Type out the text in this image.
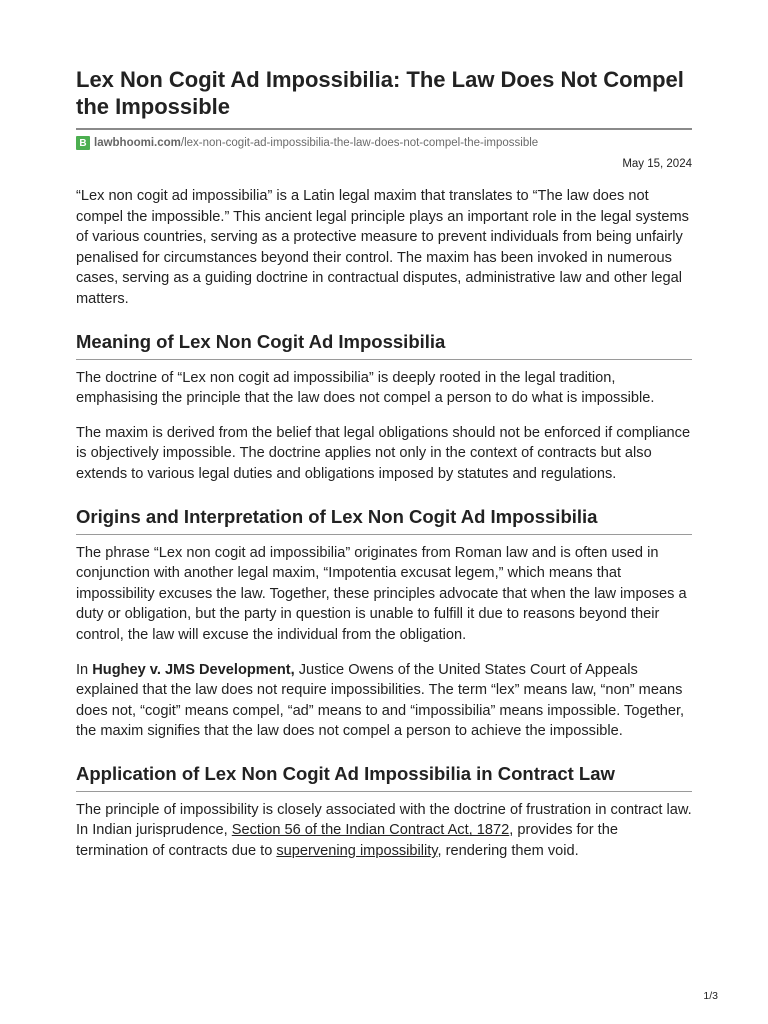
Lex Non Cogit Ad Impossibilia: The Law Does Not Compel the Impossible
B lawbhoomi.com/lex-non-cogit-ad-impossibilia-the-law-does-not-compel-the-impossible
May 15, 2024

“Lex non cogit ad impossibilia” is a Latin legal maxim that translates to “The law does not compel the impossible.” This ancient legal principle plays an important role in the legal systems of various countries, serving as a protective measure to prevent individuals from being unfairly penalised for circumstances beyond their control. The maxim has been invoked in numerous cases, serving as a guiding doctrine in contractual disputes, administrative law and other legal matters.

Meaning of Lex Non Cogit Ad Impossibilia

The doctrine of “Lex non cogit ad impossibilia” is deeply rooted in the legal tradition, emphasising the principle that the law does not compel a person to do what is impossible.

The maxim is derived from the belief that legal obligations should not be enforced if compliance is objectively impossible. The doctrine applies not only in the context of contracts but also extends to various legal duties and obligations imposed by statutes and regulations.

Origins and Interpretation of Lex Non Cogit Ad Impossibilia

The phrase “Lex non cogit ad impossibilia” originates from Roman law and is often used in conjunction with another legal maxim, “Impotentia excusat legem,” which means that impossibility excuses the law. Together, these principles advocate that when the law imposes a duty or obligation, but the party in question is unable to fulfill it due to reasons beyond their control, the law will excuse the individual from the obligation.

In Hughey v. JMS Development, Justice Owens of the United States Court of Appeals explained that the law does not require impossibilities. The term “lex” means law, “non” means does not, “cogit” means compel, “ad” means to and “impossibilia” means impossible. Together, the maxim signifies that the law does not compel a person to achieve the impossible.

Application of Lex Non Cogit Ad Impossibilia in Contract Law

The principle of impossibility is closely associated with the doctrine of frustration in contract law. In Indian jurisprudence, Section 56 of the Indian Contract Act, 1872, provides for the termination of contracts due to supervening impossibility, rendering them void.

1/3
